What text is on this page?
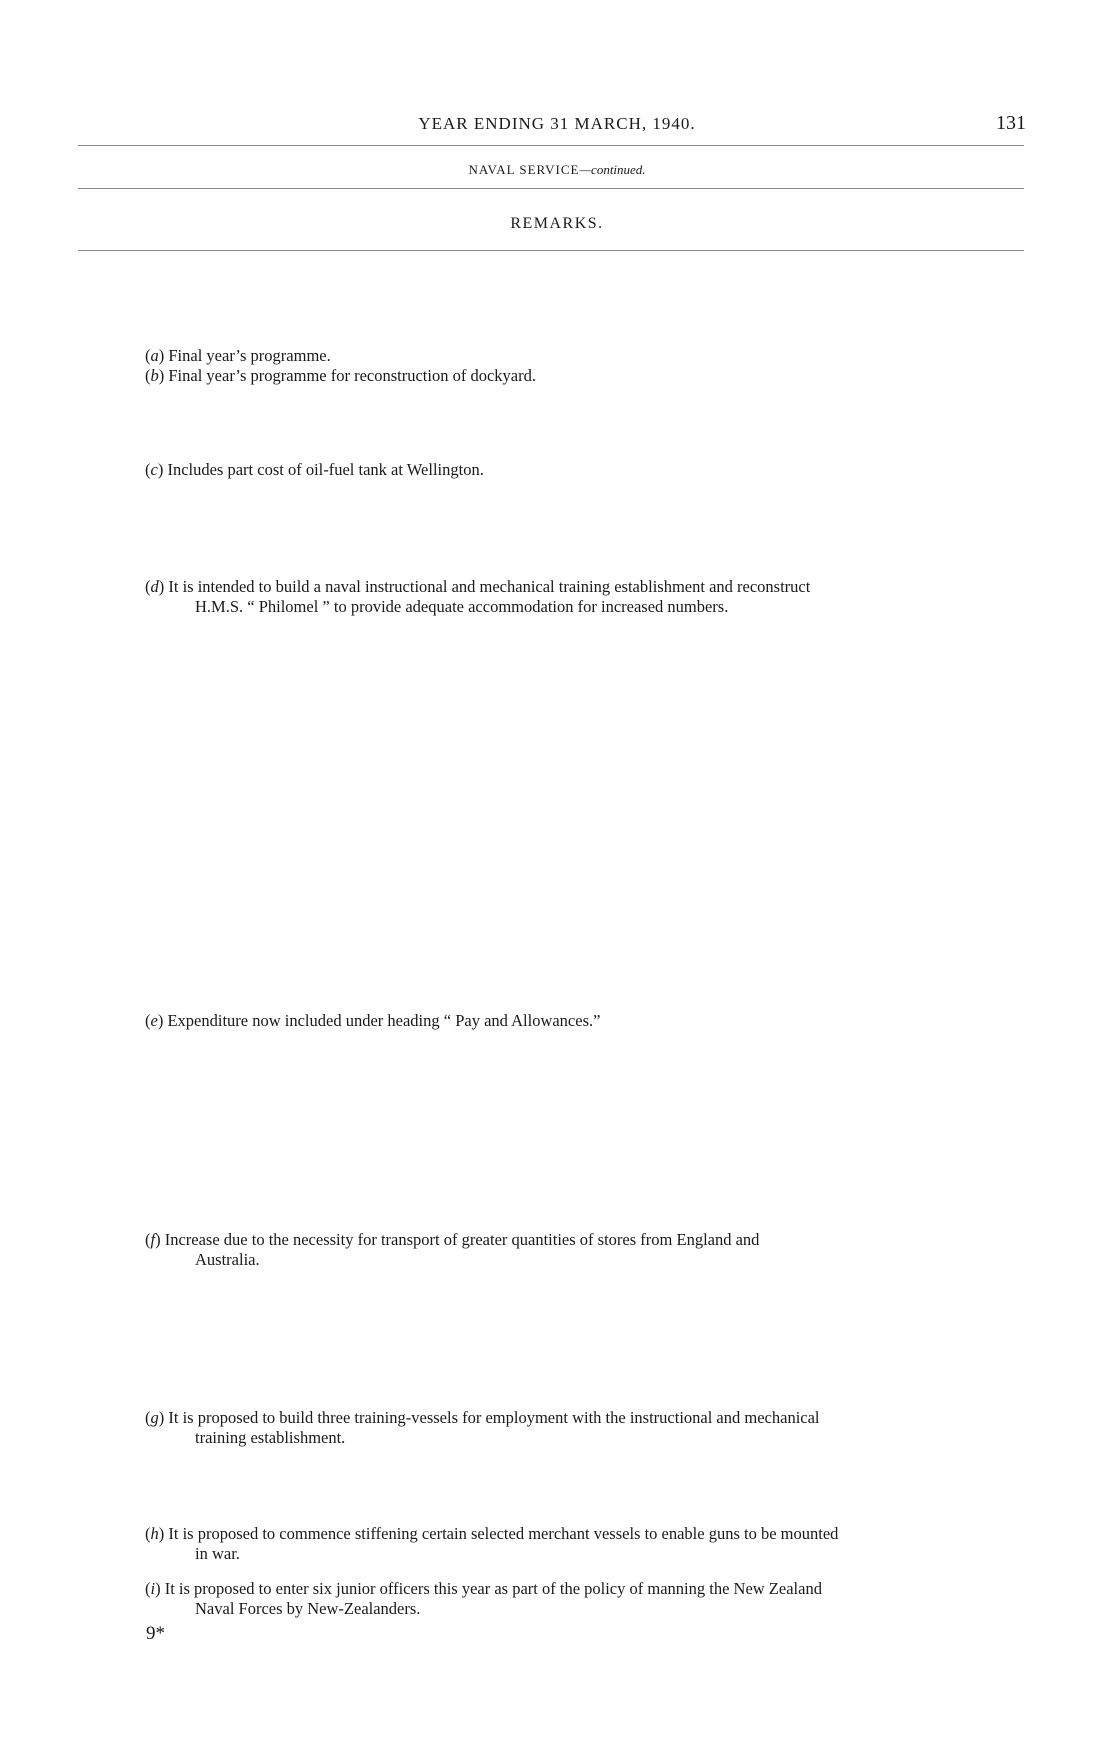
YEAR ENDING 31 MARCH, 1940.	131
NAVAL SERVICE—continued.
REMARKS.
(a) Final year’s programme.
(b) Final year’s programme for reconstruction of dockyard.
(c) Includes part cost of oil-fuel tank at Wellington.
(d) It is intended to build a naval instructional and mechanical training establishment and reconstruct
H.M.S. “ Philomel ” to provide adequate accommodation for increased numbers.
(e) Expenditure now included under heading “ Pay and Allowances.”
(f) Increase due to the necessity for transport of greater quantities of stores from England and
Australia.
(g) It is proposed to build three training-vessels for employment with the instructional and mechanical
training establishment.
(h) It is proposed to commence stiffening certain selected merchant vessels to enable guns to be mounted
in war.
(i) It is proposed to enter six junior officers this year as part of the policy of manning the New Zealand
Naval Forces by New-Zealanders.
9*
